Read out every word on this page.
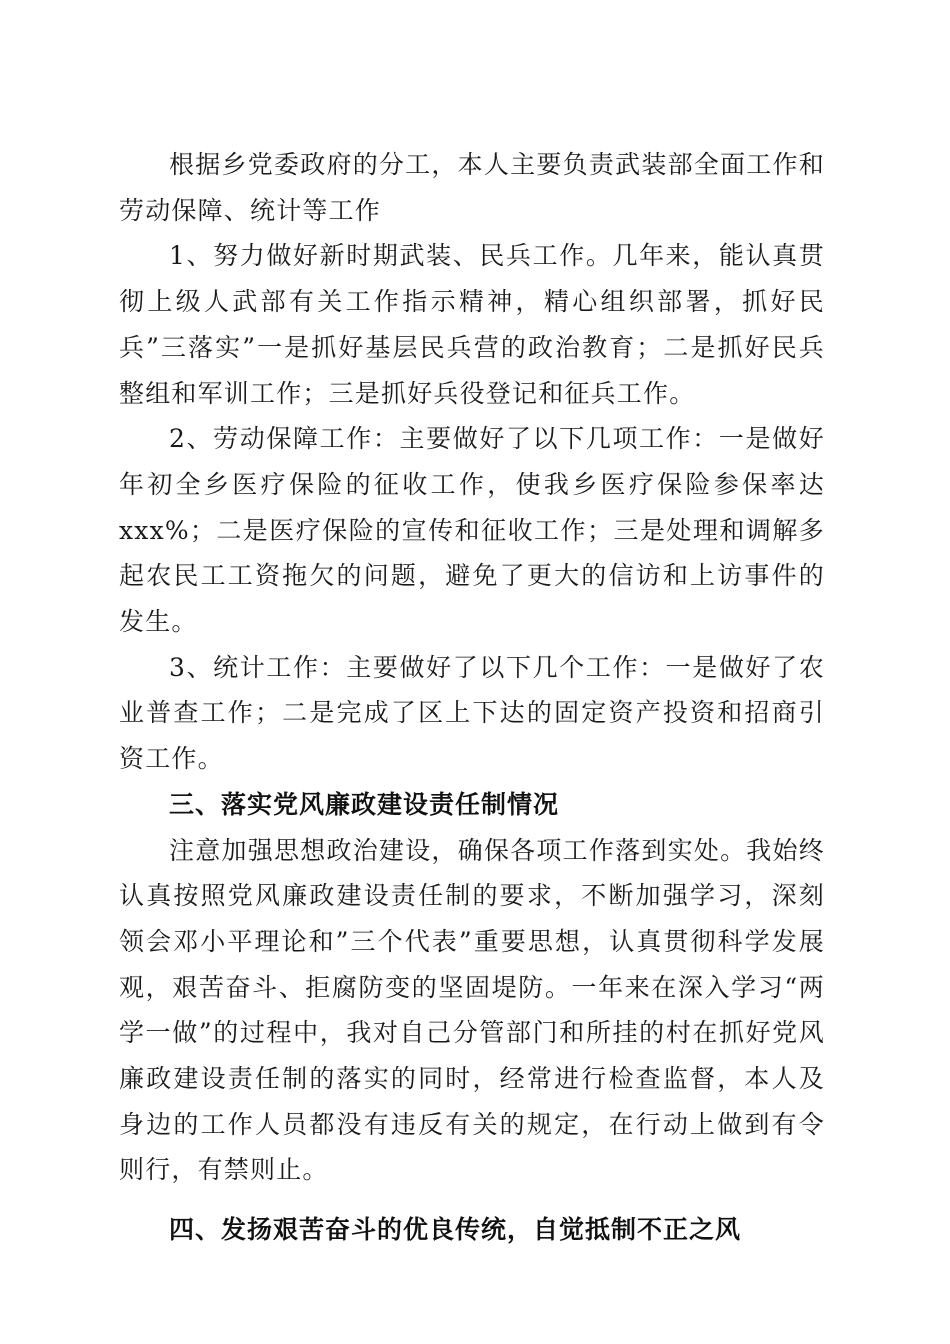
根据乡党委政府的分工，本人主要负责武装部全面工作和劳动保障、统计等工作

1、努力做好新时期武装、民兵工作。几年来，能认真贯彻上级人武部有关工作指示精神，精心组织部署，抓好民兵”三落实”一是抓好基层民兵营的政治教育；二是抓好民兵整组和军训工作；三是抓好兵役登记和征兵工作。

2、劳动保障工作：主要做好了以下几项工作：一是做好年初全乡医疗保险的征收工作，使我乡医疗保险参保率达xxx%；二是医疗保险的宣传和征收工作；三是处理和调解多起农民工工资拖欠的问题，避免了更大的信访和上访事件的发生。

3、统计工作：主要做好了以下几个工作：一是做好了农业普查工作；二是完成了区上下达的固定资产投资和招商引资工作。

三、落实党风廉政建设责任制情况

注意加强思想政治建设，确保各项工作落到实处。我始终认真按照党风廉政建设责任制的要求，不断加强学习，深刻领会邓小平理论和”三个代表”重要思想，认真贯彻科学发展观，艰苦奋斗、拒腐防变的坚固堤防。一年来在深入学习“两学一做”的过程中，我对自己分管部门和所挂的村在抓好党风廉政建设责任制的落实的同时，经常进行检查监督，本人及身边的工作人员都没有违反有关的规定，在行动上做到有令则行，有禁则止。

四、发扬艰苦奋斗的优良传统，自觉抵制不正之风
